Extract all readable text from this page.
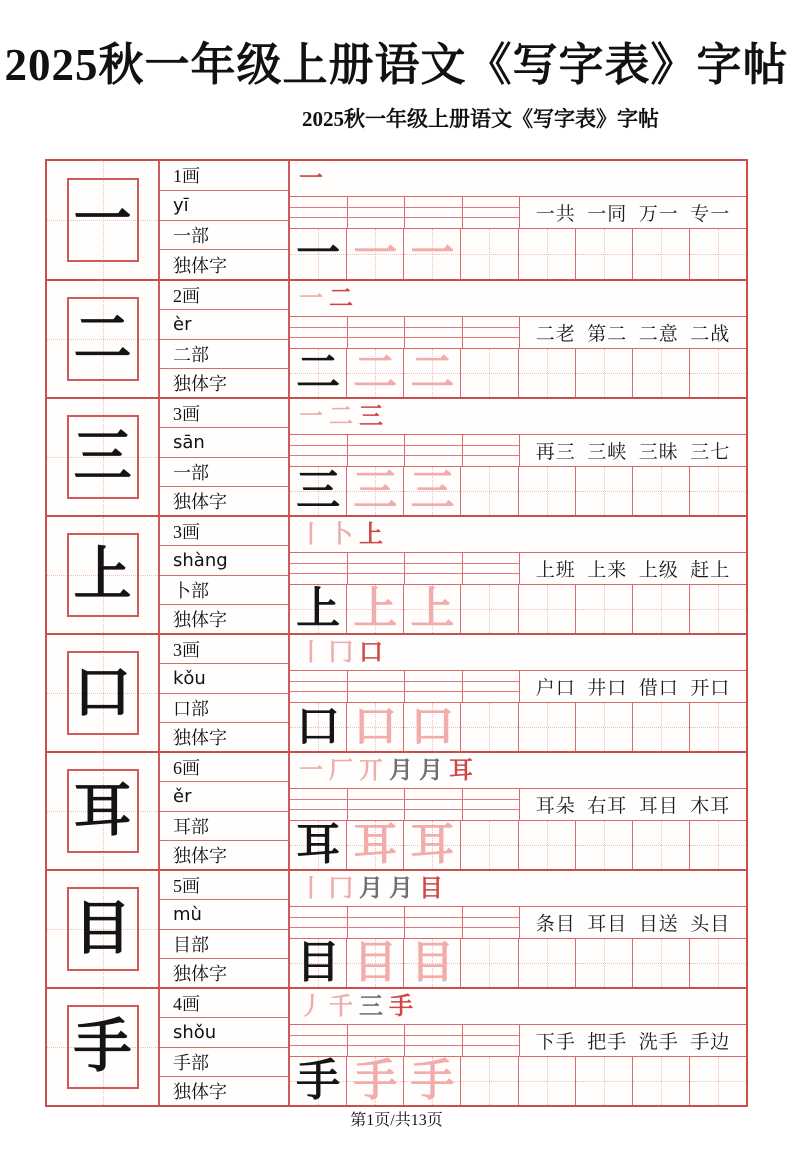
2025秋一年级上册语文《写字表》字帖
2025秋一年级上册语文《写字表》字帖
一
1画
yī
一部
独体字
一
一共  一同  万一  专一
一 一 一
二
2画
èr
二部
独体字
一 二
二老  第二  二意  二战
二 二 二
三
3画
sān
一部
独体字
一 二 三
再三  三峡  三昧  三七
三 三 三
上
3画
shàng
卜部
独体字
丨 卜 上
上班  上来  上级  赶上
上 上 上
口
3画
kǒu
口部
独体字
丨 冂 口
户口  井口  借口  开口
口 口 口
耳
6画
ěr
耳部
独体字
一 厂 丌 月 月 耳
耳朵  右耳  耳目  木耳
耳 耳 耳
目
5画
mù
目部
独体字
丨 冂 月 月 目
条目  耳目  目送  头目
目 目 目
手
4画
shǒu
手部
独体字
丿 千 三 手
下手  把手  洗手  手边
手 手 手
第1页/共13页
